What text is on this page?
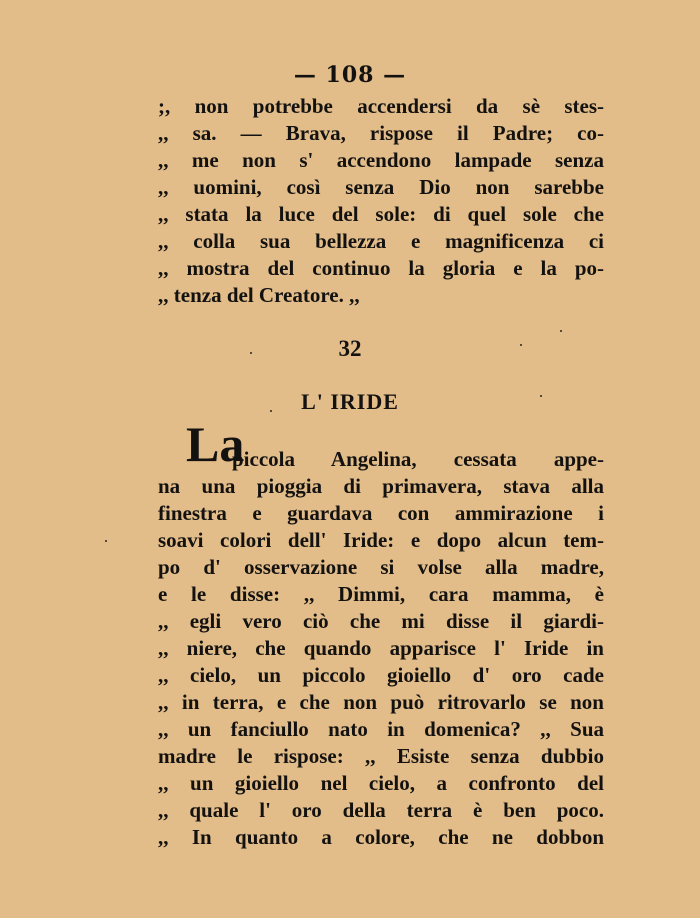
— 108 —
;, non potrebbe accendersi da sè stes-
,, sa. — Brava, rispose il Padre; co-
,, me non s' accendono lampade senza
,, uomini, così senza Dio non sarebbe
,, stata la luce del sole: di quel sole che
,, colla sua bellezza e magnificenza ci
,, mostra del continuo la gloria e la po-
,, tenza del Creatore. ,,
32
L' IRIDE
La
piccola Angelina, cessata appe-
na una pioggia di primavera, stava alla
finestra e guardava con ammirazione i
soavi colori dell' Iride: e dopo alcun tem-
po d' osservazione si volse alla madre,
e le disse: ,, Dimmi, cara mamma, è
,, egli vero ciò che mi disse il giardi-
,, niere, che quando apparisce l' Iride in
,, cielo, un piccolo gioiello d' oro cade
,, in terra, e che non può ritrovarlo se non
,, un fanciullo nato in domenica? ,, Sua
madre le rispose: ,, Esiste senza dubbio
,, un gioiello nel cielo, a confronto del
,, quale l' oro della terra è ben poco.
,, In quanto a colore, che ne dobbon
